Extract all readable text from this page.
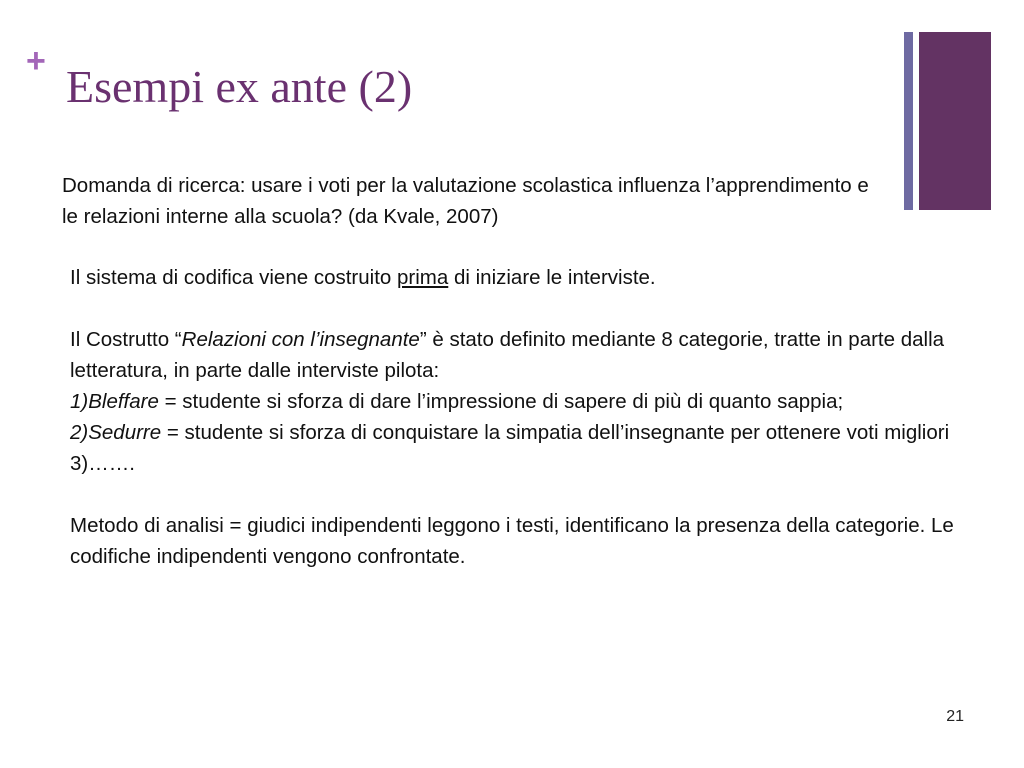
+ Esempi ex ante (2)
Domanda di ricerca: usare i voti per la valutazione scolastica influenza l’apprendimento e le relazioni interne alla scuola? (da Kvale, 2007)

Il sistema di codifica viene costruito prima di iniziare le interviste.

Il Costrutto “Relazioni con l’insegnante” è stato definito mediante 8 categorie, tratte in parte dalla letteratura, in parte dalle interviste pilota:

1)Bleffare = studente si sforza di dare l’impressione di sapere di più di quanto sappia;

2)Sedurre = studente si sforza di conquistare la simpatia dell’insegnante per ottenere voti migliori

3)…….

Metodo di analisi = giudici indipendenti leggono i testi, identificano la presenza della categorie. Le codifiche indipendenti vengono confrontate.

21
